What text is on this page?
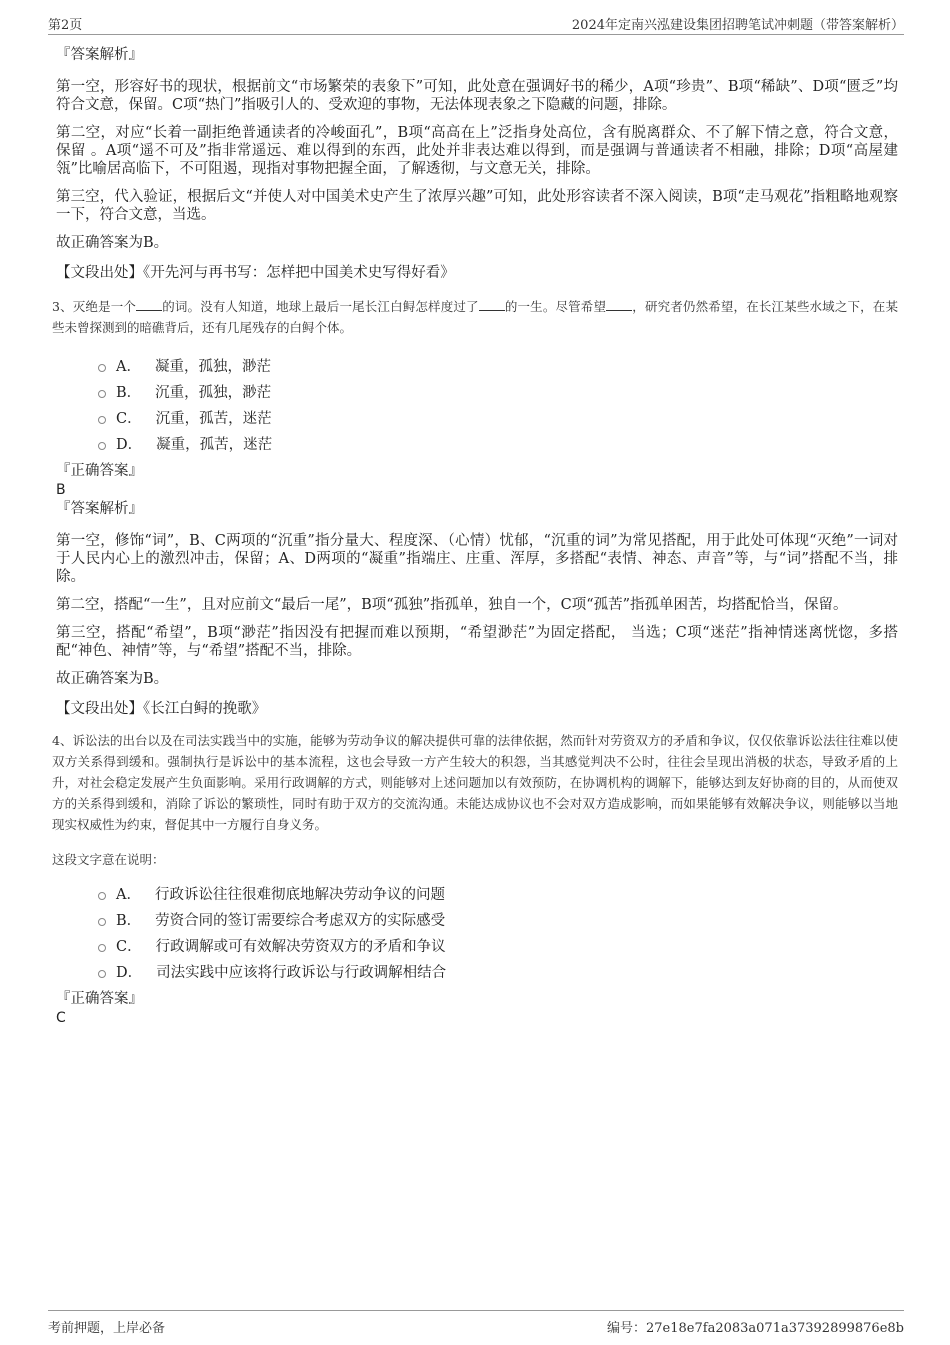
第2页	2024年定南兴泓建设集团招聘笔试冲刺题（带答案解析）

『答案解析』

第一空，形容好书的现状，根据前文“市场繁荣的表象下”可知，此处意在强调好书的稀少，A项“珍贵”、B项“稀缺”、D项“匮乏”均符合文意，保留。C项“热门”指吸引人的、受欢迎的事物，无法体现表象之下隐藏的问题，排除。

第二空，对应“长着一副拒绝普通读者的冷峻面孔”，B项“高高在上”泛指身处高位，含有脱离群众、不了解下情之意，符合文意， 保留 。A项“遥不可及”指非常遥远、难以得到的东西，此处并非表达难以得到，而是强调与普通读者不相融，排除；D项“高屋建瓴”比喻居高临下，不可阻遏，现指对事物把握全面，了解透彻，与文意无关，排除。

第三空，代入验证，根据后文“并使人对中国美术史产生了浓厚兴趣”可知，此处形容读者不深入阅读，B项“走马观花”指粗略地观察一下，符合文意，当选。

故正确答案为B。

【文段出处】《开先河与再书写：怎样把中国美术史写得好看》

3、灭绝是一个 的词。没有人知道，地球上最后一尾长江白鲟怎样度过了 的一生。尽管希望 ，研究者仍然希望，在长江某些水域之下，在某些未曾探测到的暗礁背后，还有几尾残存的白鲟个体。

A． 凝重，孤独，渺茫
B． 沉重，孤独，渺茫
C． 沉重，孤苦，迷茫
D． 凝重，孤苦，迷茫

『正确答案』

B

『答案解析』

第一空，修饰“词”，B、C两项的“沉重”指分量大、程度深、（心情）忧郁，“沉重的词”为常见搭配，用于此处可体现“灭绝”一词对于人民内心上的激烈冲击，保留；A、D两项的“凝重”指端庄、庄重、浑厚，多搭配“表情、神态、声音”等，与“词”搭配不当，排除。

第二空，搭配“一生”，且对应前文“最后一尾”，B项“孤独”指孤单，独自一个，C项“孤苦”指孤单困苦，均搭配恰当，保留。

第三空，搭配“希望”，B项“渺茫”指因没有把握而难以预期，“希望渺茫”为固定搭配， 当选；C项“迷茫”指神情迷离恍惚，多搭配“神色、神情”等，与“希望”搭配不当，排除。

故正确答案为B。

【文段出处】《长江白鲟的挽歌》

4、诉讼法的出台以及在司法实践当中的实施，能够为劳动争议的解决提供可靠的法律依据，然而针对劳资双方的矛盾和争议，仅仅依靠诉讼法往往难以使双方关系得到缓和。强制执行是诉讼中的基本流程，这也会导致一方产生较大的积怨，当其感觉判决不公时，往往会呈现出消极的状态，导致矛盾的上升，对社会稳定发展产生负面影响。采用行政调解的方式，则能够对上述问题加以有效预防，在协调机构的调解下，能够达到友好协商的目的，从而使双方的关系得到缓和，消除了诉讼的繁琐性，同时有助于双方的交流沟通。未能达成协议也不会对双方造成影响，而如果能够有效解决争议，则能够以当地现实权威性为约束，督促其中一方履行自身义务。

这段文字意在说明：

A． 行政诉讼往往很难彻底地解决劳动争议的问题
B． 劳资合同的签订需要综合考虑双方的实际感受
C． 行政调解或可有效解决劳资双方的矛盾和争议
D． 司法实践中应该将行政诉讼与行政调解相结合

『正确答案』

C

考前押题，上岸必备	编号：27e18e7fa2083a071a37392899876e8b
